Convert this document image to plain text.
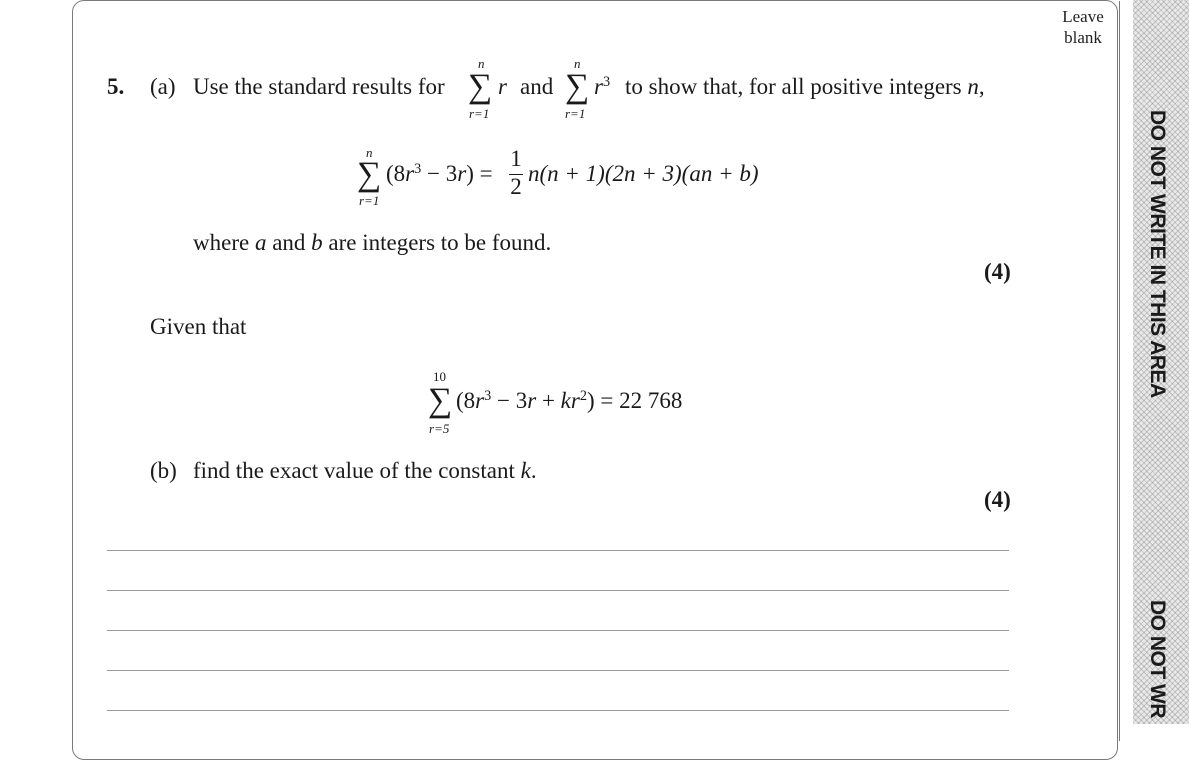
Leave
blank
DO NOT WRITE IN THIS AREA
DO NOT WR
5. (a) Use the standard results for
n
∑ r
r=1
and
n
∑ $r^3$
r=1
to show that, for all positive integers n,
n
∑ $(8r^3 - 3r)$ =
r=1
1
2
n(n + 1)(2n + 3)(an + b)
where a and b are integers to be found.
(4)
Given that
10
∑ $(8r^3 - 3r + kr^2) = 22$ 768
r=5
(b) find the exact value of the constant k.
(4)
